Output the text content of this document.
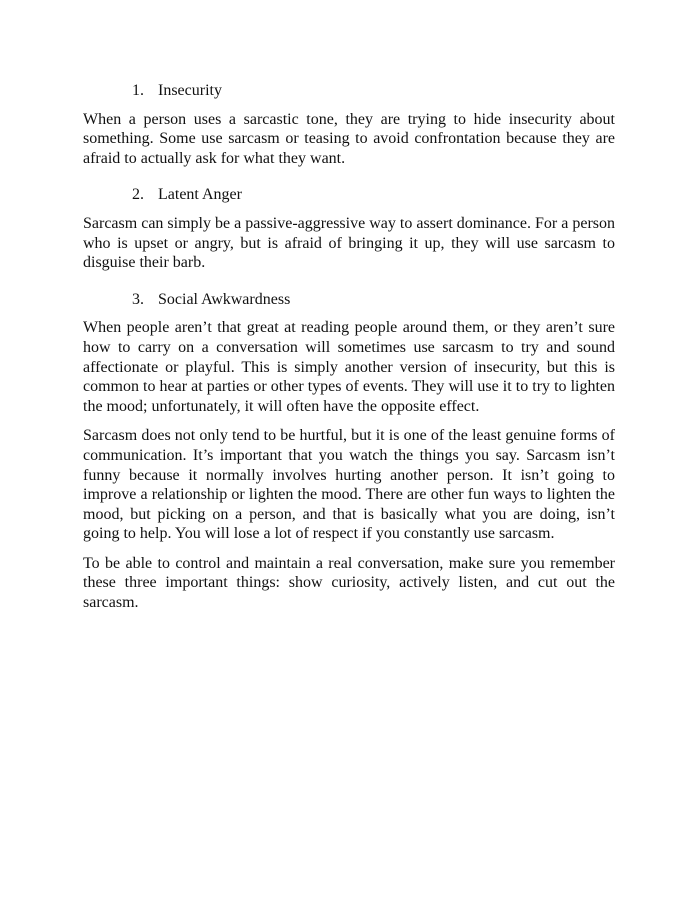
1. Insecurity

When a person uses a sarcastic tone, they are trying to hide insecurity about something. Some use sarcasm or teasing to avoid confrontation because they are afraid to actually ask for what they want.

2. Latent Anger

Sarcasm can simply be a passive-aggressive way to assert dominance. For a person who is upset or angry, but is afraid of bringing it up, they will use sarcasm to disguise their barb.

3. Social Awkwardness

When people aren’t that great at reading people around them, or they aren’t sure how to carry on a conversation will sometimes use sarcasm to try and sound affectionate or playful. This is simply another version of insecurity, but this is common to hear at parties or other types of events. They will use it to try to lighten the mood; unfortunately, it will often have the opposite effect.

Sarcasm does not only tend to be hurtful, but it is one of the least genuine forms of communication. It’s important that you watch the things you say. Sarcasm isn’t funny because it normally involves hurting another person. It isn’t going to improve a relationship or lighten the mood. There are other fun ways to lighten the mood, but picking on a person, and that is basically what you are doing, isn’t going to help. You will lose a lot of respect if you constantly use sarcasm.

To be able to control and maintain a real conversation, make sure you remember these three important things: show curiosity, actively listen, and cut out the sarcasm.
